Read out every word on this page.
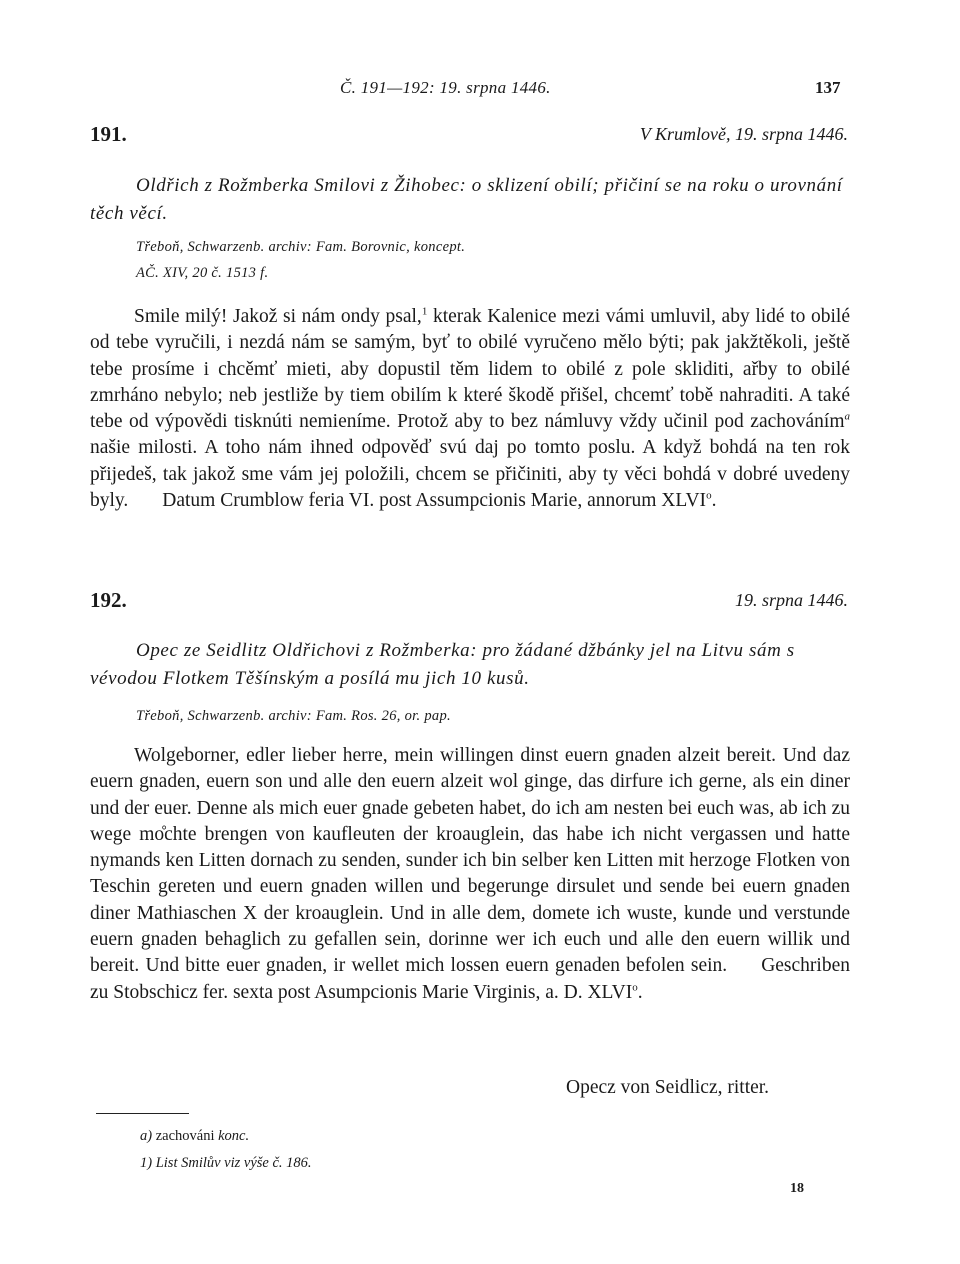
Č. 191—192: 19. srpna 1446.	137
191.	V Krumlově, 19. srpna 1446.
Oldřich z Rožmberka Smilovi z Žihobec: o sklizení obilí; přičiní se na roku o urovnání těch věcí.
Třeboň, Schwarzenb. archiv: Fam. Borovnic, koncept.
AČ. XIV, 20 č. 1513 f.
Smile milý! Jakož si nám ondy psal,$^1$ kterak Kalenice mezi vámi umluvil, aby lidé to obilé od tebe vyručili, i nezdá nám se samým, byť to obilé vyručeno mělo býti; pak jakžtěkoli, ještě tebe prosíme i chcěmť mieti, aby dopustil těm lidem to obilé z pole skliditi, ařby to obilé zmrháno nebylo; neb jestliže by tiem obilím k které škodě přišel, chcemť tobě nahraditi. A také tebe od výpovědi tisknúti nemieníme. Protož aby to bez námluvy vždy učinil pod zachováním$^a$ našie milosti. A toho nám ihned odpověď svú daj po tomto poslu. A když bohdá na ten rok přijedeš, tak jakož sme vám jej položili, chcem se přičiniti, aby ty věci bohdá v dobré uvedeny byly. Datum Crumblow feria VI. post Assumpcionis Marie, annorum XLVI$^o$.
192.	19. srpna 1446.
Opec ze Seidlitz Oldřichovi z Rožmberka: pro žádané džbánky jel na Litvu sám s vévodou Flotkem Těšínským a posílá mu jich 10 kusů.
Třeboň, Schwarzenb. archiv: Fam. Ros. 26, or. pap.
Wolgeborner, edler lieber herre, mein willingen dinst euern gnaden alzeit bereit. Und daz euern gnaden, euern son und alle den euern alzeit wol ginge, das dirfure ich gerne, als ein diner und der euer. Denne als mich euer gnade gebeten habet, do ich am nesten bei euch was, ab ich zu wege mo̊chte brengen von kaufleuten der kroauglein, das habe ich nicht vergassen und hatte nymands ken Litten dornach zu senden, sunder ich bin selber ken Litten mit herzoge Flotken von Teschin gereten und euern gnaden willen und begerunge dirsulet und sende bei euern gnaden diner Mathiaschen X der kroauglein. Und in alle dem, domete ich wuste, kunde und verstunde euern gnaden behaglich zu gefallen sein, dorinne wer ich euch und alle den euern willik und bereit. Und bitte euer gnaden, ir wellet mich lossen euern genaden befolen sein. Geschriben zu Stobschicz fer. sexta post Asumpcionis Marie Virginis, a. D. XLVI$^o$.
Opecz von Seidlicz, ritter.
a) zachováni konc.
1) List Smilův viz výše č. 186.
18
